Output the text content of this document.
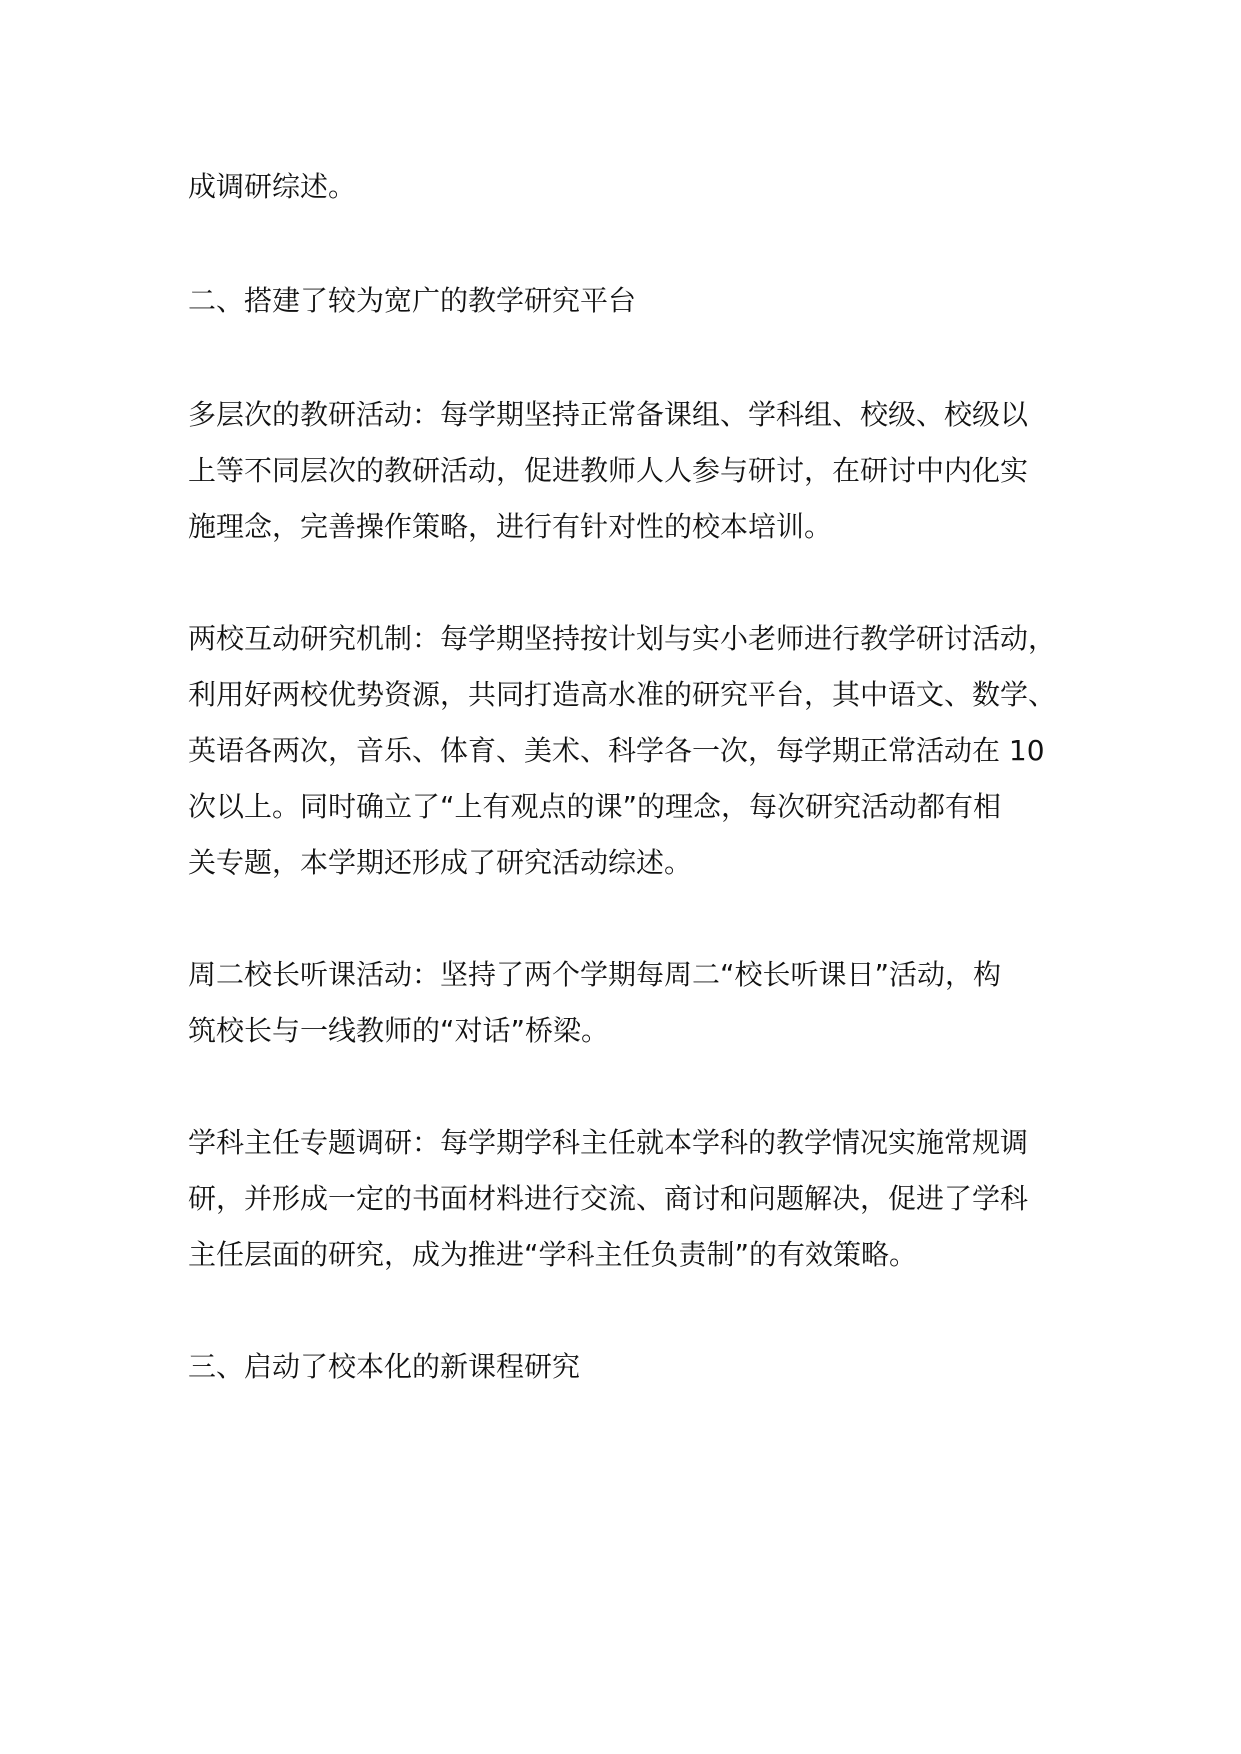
成调研综述。
二、搭建了较为宽广的教学研究平台
多层次的教研活动：每学期坚持正常备课组、学科组、校级、校级以
上等不同层次的教研活动，促进教师人人参与研讨，在研讨中内化实
施理念，完善操作策略，进行有针对性的校本培训。
两校互动研究机制：每学期坚持按计划与实小老师进行教学研讨活动，
利用好两校优势资源，共同打造高水准的研究平台，其中语文、数学、
英语各两次，音乐、体育、美术、科学各一次，每学期正常活动在 10
次以上。同时确立了“上有观点的课”的理念，每次研究活动都有相
关专题，本学期还形成了研究活动综述。
周二校长听课活动：坚持了两个学期每周二“校长听课日”活动，构
筑校长与一线教师的“对话”桥梁。
学科主任专题调研：每学期学科主任就本学科的教学情况实施常规调
研，并形成一定的书面材料进行交流、商讨和问题解决，促进了学科
主任层面的研究，成为推进“学科主任负责制”的有效策略。
三、启动了校本化的新课程研究
